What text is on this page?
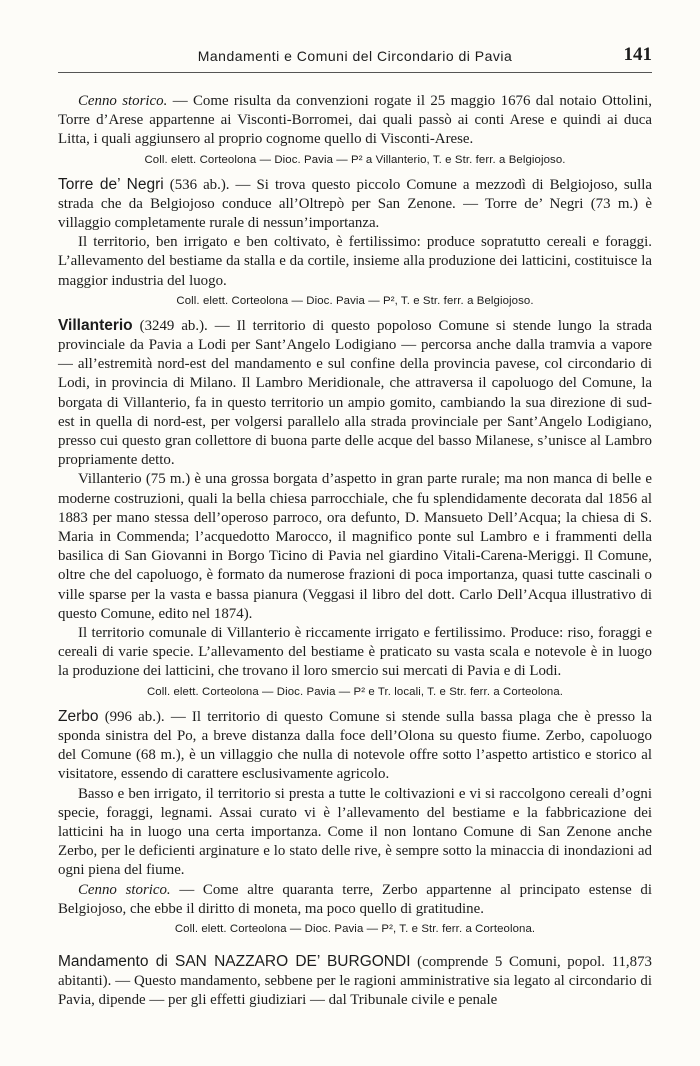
Mandamenti e Comuni del Circondario di Pavia	141

Cenno storico. — Come risulta da convenzioni rogate il 25 maggio 1676 dal notaio Ottolini, Torre d’Arese appartenne ai Visconti-Borromei, dai quali passò ai conti Arese e quindi ai duca Litta, i quali aggiunsero al proprio cognome quello di Visconti-Arese.

Coll. elett. Corteolona — Dioc. Pavia — P² a Villanterio, T. e Str. ferr. a Belgiojoso.

Torre de’ Negri (536 ab.). — Si trova questo piccolo Comune a mezzodì di Belgiojoso, sulla strada che da Belgiojoso conduce all’Oltrepò per San Zenone. — Torre de’ Negri (73 m.) è villaggio completamente rurale di nessun’importanza.

Il territorio, ben irrigato e ben coltivato, è fertilissimo: produce sopratutto cereali e foraggi. L’allevamento del bestiame da stalla e da cortile, insieme alla produzione dei latticini, costituisce la maggior industria del luogo.

Coll. elett. Corteolona — Dioc. Pavia — P², T. e Str. ferr. a Belgiojoso.

Villanterio (3249 ab.). — Il territorio di questo popoloso Comune si stende lungo la strada provinciale da Pavia a Lodi per Sant’Angelo Lodigiano — percorsa anche dalla tramvia a vapore — all’estremità nord-est del mandamento e sul confine della provincia pavese, col circondario di Lodi, in provincia di Milano. Il Lambro Meridionale, che attraversa il capoluogo del Comune, la borgata di Villanterio, fa in questo territorio un ampio gomito, cambiando la sua direzione di sud-est in quella di nord-est, per volgersi parallelo alla strada provinciale per Sant’Angelo Lodigiano, presso cui questo gran collettore di buona parte delle acque del basso Milanese, s’unisce al Lambro propriamente detto.

Villanterio (75 m.) è una grossa borgata d’aspetto in gran parte rurale; ma non manca di belle e moderne costruzioni, quali la bella chiesa parrocchiale, che fu splendidamente decorata dal 1856 al 1883 per mano stessa dell’operoso parroco, ora defunto, D. Mansueto Dell’Acqua; la chiesa di S. Maria in Commenda; l’acquedotto Marocco, il magnifico ponte sul Lambro e i frammenti della basilica di San Giovanni in Borgo Ticino di Pavia nel giardino Vitali-Carena-Meriggi. Il Comune, oltre che del capoluogo, è formato da numerose frazioni di poca importanza, quasi tutte cascinali o ville sparse per la vasta e bassa pianura (Veggasi il libro del dott. Carlo Dell’Acqua illustrativo di questo Comune, edito nel 1874).

Il territorio comunale di Villanterio è riccamente irrigato e fertilissimo. Produce: riso, foraggi e cereali di varie specie. L’allevamento del bestiame è praticato su vasta scala e notevole è in luogo la produzione dei latticini, che trovano il loro smercio sui mercati di Pavia e di Lodi.

Coll. elett. Corteolona — Dioc. Pavia — P² e Tr. locali, T. e Str. ferr. a Corteolona.

Zerbo (996 ab.). — Il territorio di questo Comune si stende sulla bassa plaga che è presso la sponda sinistra del Po, a breve distanza dalla foce dell’Olona su questo fiume. Zerbo, capoluogo del Comune (68 m.), è un villaggio che nulla di notevole offre sotto l’aspetto artistico e storico al visitatore, essendo di carattere esclusivamente agricolo.

Basso e ben irrigato, il territorio si presta a tutte le coltivazioni e vi si raccolgono cereali d’ogni specie, foraggi, legnami. Assai curato vi è l’allevamento del bestiame e la fabbricazione dei latticini ha in luogo una certa importanza. Come il non lontano Comune di San Zenone anche Zerbo, per le deficienti arginature e lo stato delle rive, è sempre sotto la minaccia di inondazioni ad ogni piena del fiume.

Cenno storico. — Come altre quaranta terre, Zerbo appartenne al principato estense di Belgiojoso, che ebbe il diritto di moneta, ma poco quello di gratitudine.

Coll. elett. Corteolona — Dioc. Pavia — P², T. e Str. ferr. a Corteolona.

Mandamento di SAN NAZZARO DE’ BURGONDI (comprende 5 Comuni, popol. 11,873 abitanti). — Questo mandamento, sebbene per le ragioni amministrative sia legato al circondario di Pavia, dipende — per gli effetti giudiziari — dal Tribunale civile e penale
